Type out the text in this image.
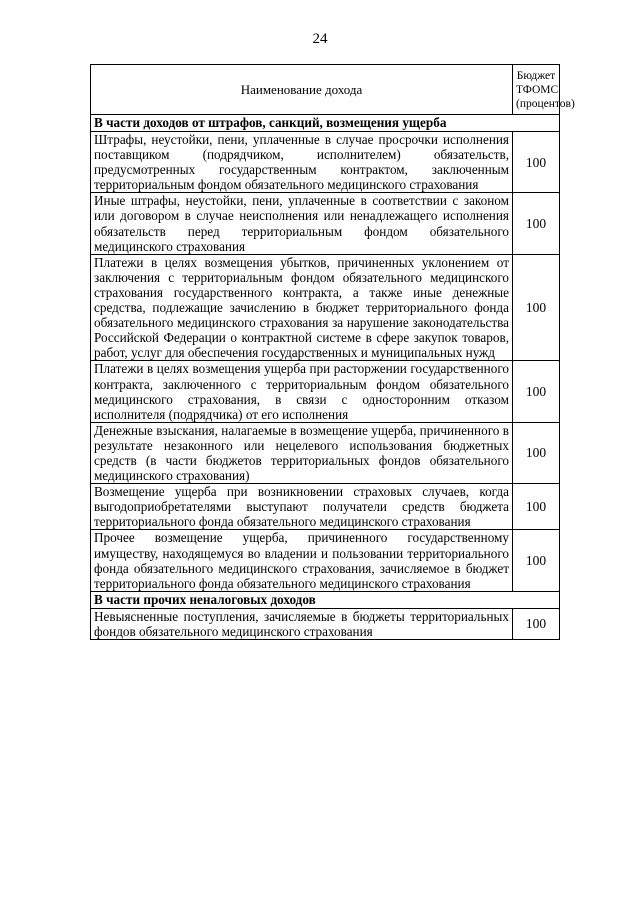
24
Наименование дохода	Бюджет ТФОМС (процентов)
В части доходов от штрафов, санкций, возмещения ущерба	
Штрафы, неустойки, пени, уплаченные в случае просрочки исполнения поставщиком (подрядчиком, исполнителем) обязательств, предусмотренных государственным контрактом, заключенным территориальным фондом обязательного медицинского страхования	100
Иные штрафы, неустойки, пени, уплаченные в соответствии с законом или договором в случае неисполнения или ненадлежащего исполнения обязательств перед территориальным фондом обязательного медицинского страхования	100
Платежи в целях возмещения убытков, причиненных уклонением от заключения с территориальным фондом обязательного медицинского страхования государственного контракта, а также иные денежные средства, подлежащие зачислению в бюджет территориального фонда обязательного медицинского страхования за нарушение законодательства Российской Федерации о контрактной системе в сфере закупок товаров, работ, услуг для обеспечения государственных и муниципальных нужд	100
Платежи в целях возмещения ущерба при расторжении государственного контракта, заключенного с территориальным фондом обязательного медицинского страхования, в связи с односторонним отказом исполнителя (подрядчика) от его исполнения	100
Денежные взыскания, налагаемые в возмещение ущерба, причиненного в результате незаконного или нецелевого использования бюджетных средств (в части бюджетов территориальных фондов обязательного медицинского страхования)	100
Возмещение ущерба при возникновении страховых случаев, когда выгодоприобретателями выступают получатели средств бюджета территориального фонда обязательного медицинского страхования	100
Прочее возмещение ущерба, причиненного государственному имуществу, находящемуся во владении и пользовании территориального фонда обязательного медицинского страхования, зачисляемое в бюджет территориального фонда обязательного медицинского страхования	100
В части прочих неналоговых доходов	
Невыясненные поступления, зачисляемые в бюджеты территориальных фондов обязательного медицинского страхования	100
